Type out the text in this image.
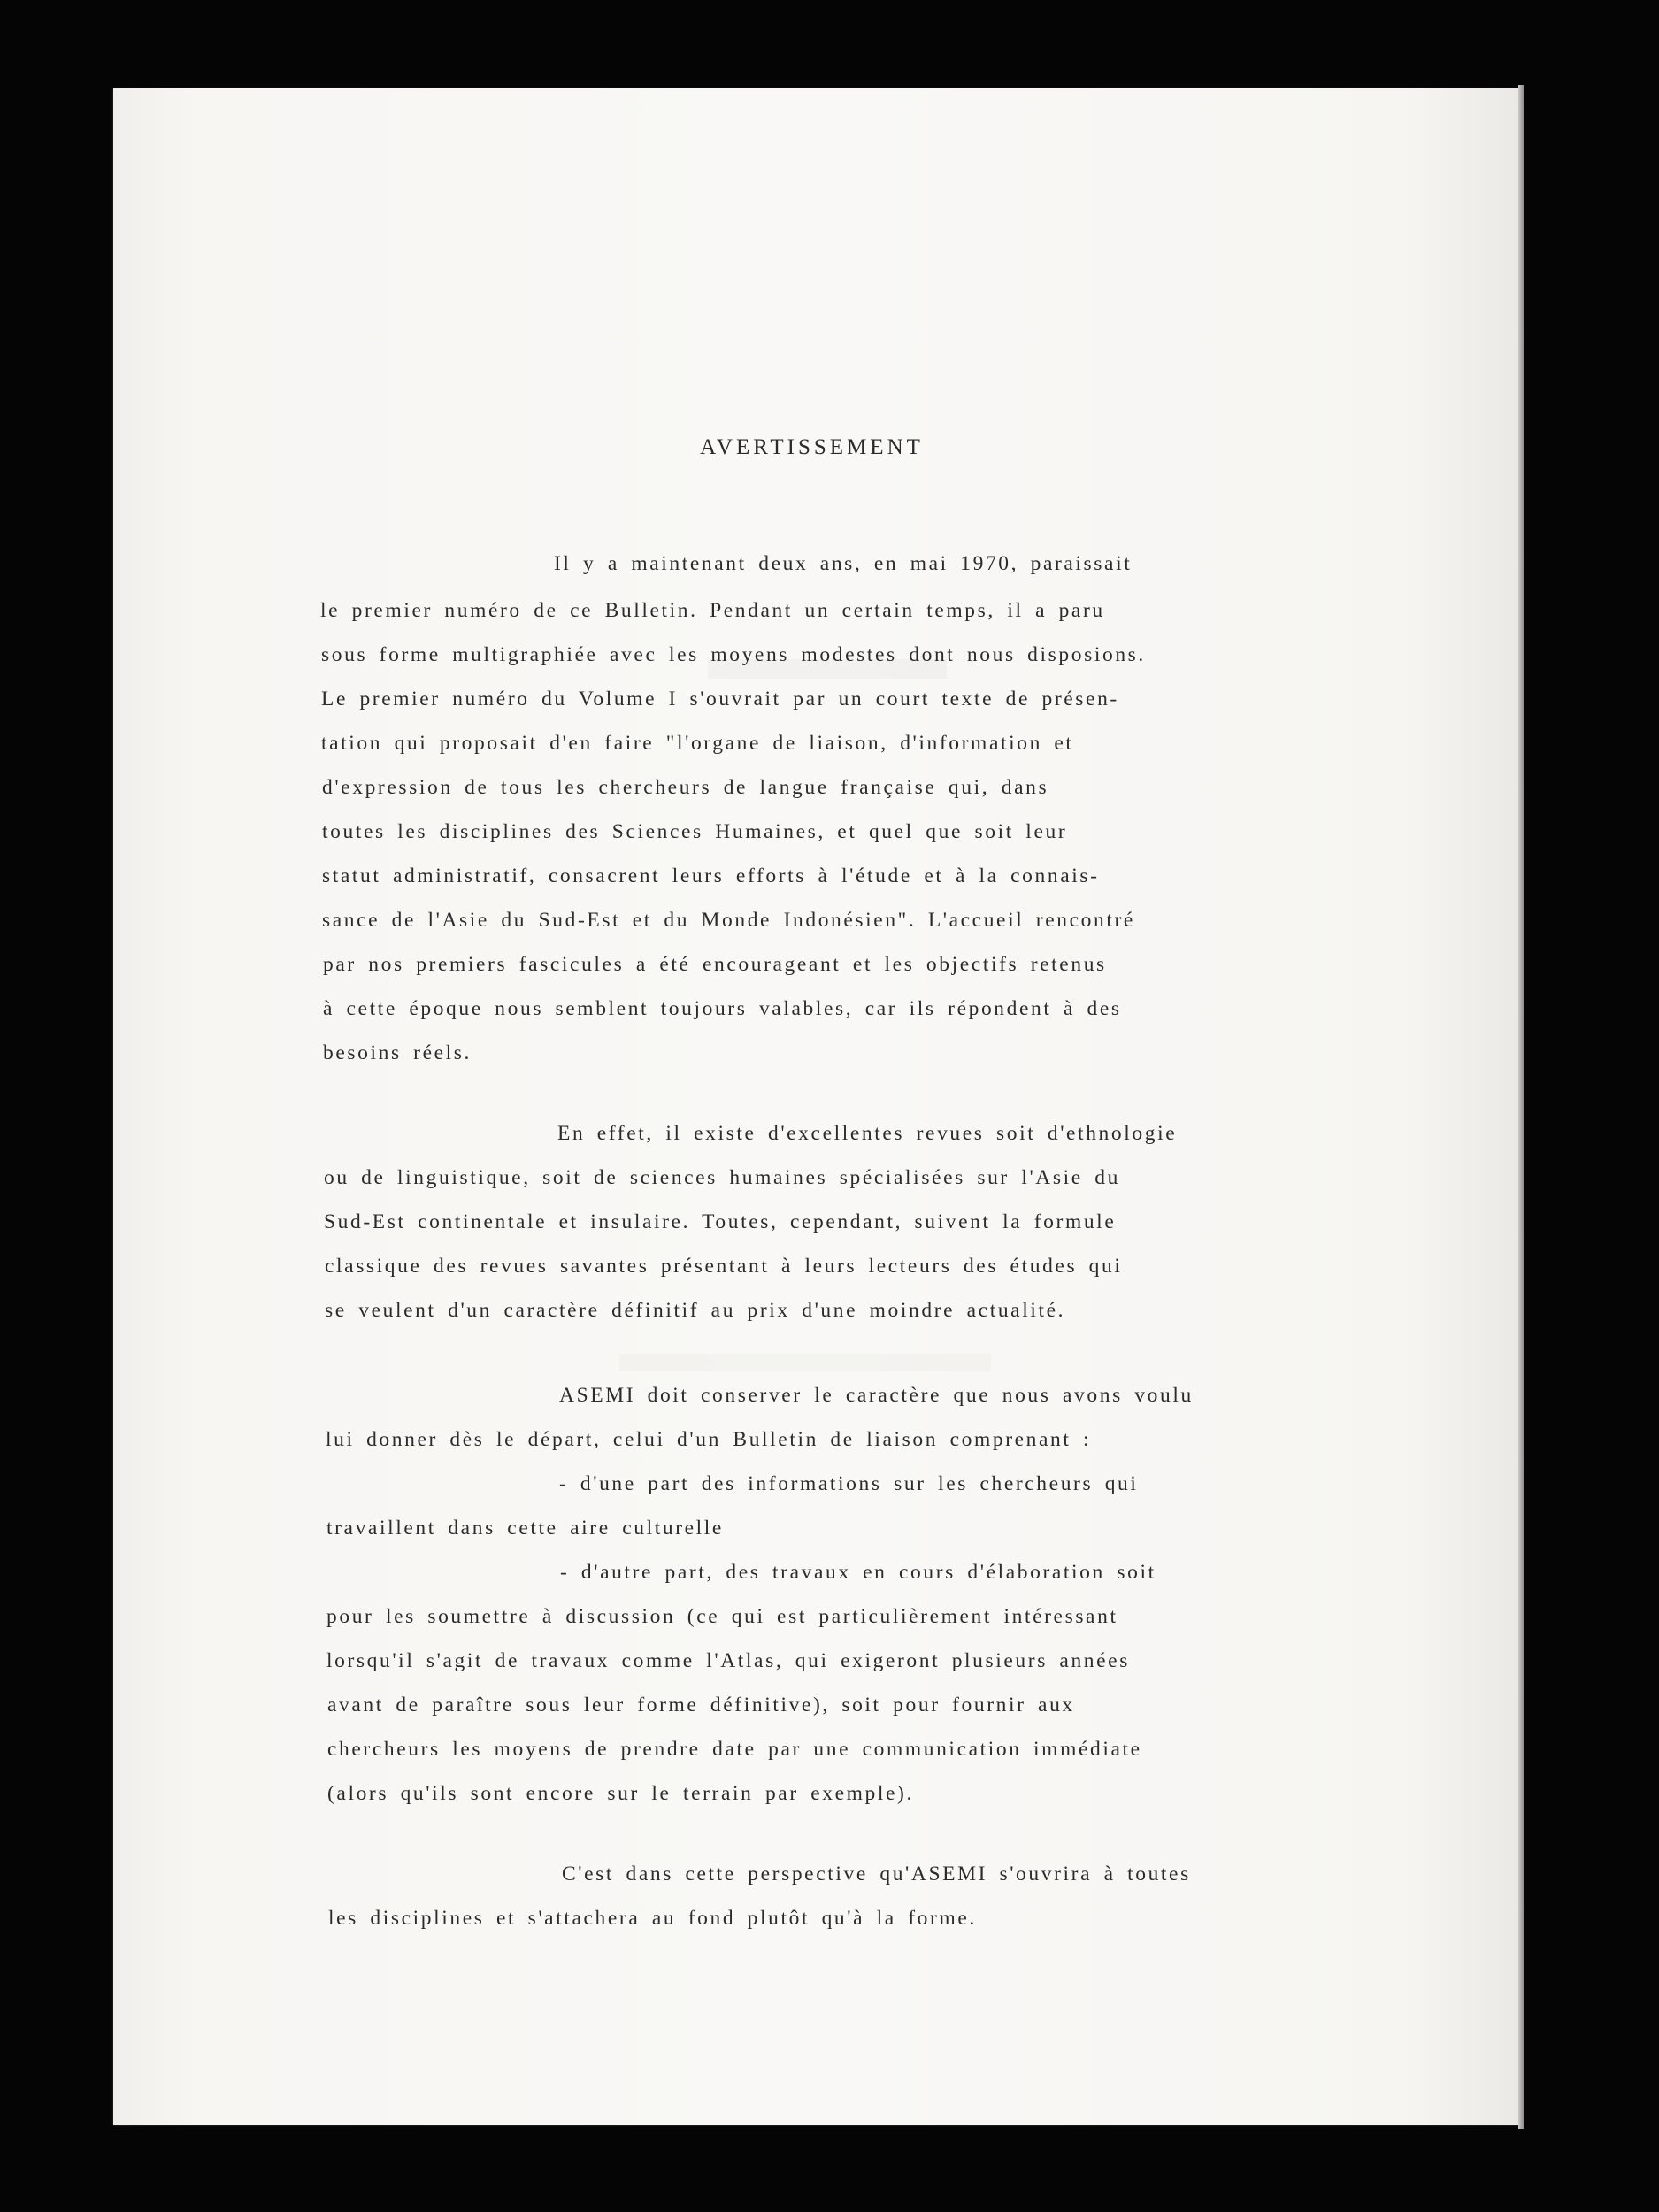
AVERTISSEMENT
Il y a maintenant deux ans, en mai 1970, paraissait
le premier numéro de ce Bulletin. Pendant un certain temps, il a paru
sous forme multigraphiée avec les moyens modestes dont nous disposions.
Le premier numéro du Volume I s'ouvrait par un court texte de présen-
tation qui proposait d'en faire "l'organe de liaison, d'information et
d'expression de tous les chercheurs de langue française qui, dans
toutes les disciplines des Sciences Humaines, et quel que soit leur
statut administratif, consacrent leurs efforts à l'étude et à la connais-
sance de l'Asie du Sud-Est et du Monde Indonésien". L'accueil rencontré
par nos premiers fascicules a été encourageant et les objectifs retenus
à cette époque nous semblent toujours valables, car ils répondent à des
besoins réels.
En effet, il existe d'excellentes revues soit d'ethnologie
ou de linguistique, soit de sciences humaines spécialisées sur l'Asie du
Sud-Est continentale et insulaire. Toutes, cependant, suivent la formule
classique des revues savantes présentant à leurs lecteurs des études qui
se veulent d'un caractère définitif au prix d'une moindre actualité.
ASEMI doit conserver le caractère que nous avons voulu
lui donner dès le départ, celui d'un Bulletin de liaison comprenant :
- d'une part des informations sur les chercheurs qui
travaillent dans cette aire culturelle
- d'autre part, des travaux en cours d'élaboration soit
pour les soumettre à discussion (ce qui est particulièrement intéressant
lorsqu'il s'agit de travaux comme l'Atlas, qui exigeront plusieurs années
avant de paraître sous leur forme définitive), soit pour fournir aux
chercheurs les moyens de prendre date par une communication immédiate
(alors qu'ils sont encore sur le terrain par exemple).
C'est dans cette perspective qu'ASEMI s'ouvrira à toutes
les disciplines et s'attachera au fond plutôt qu'à la forme.
